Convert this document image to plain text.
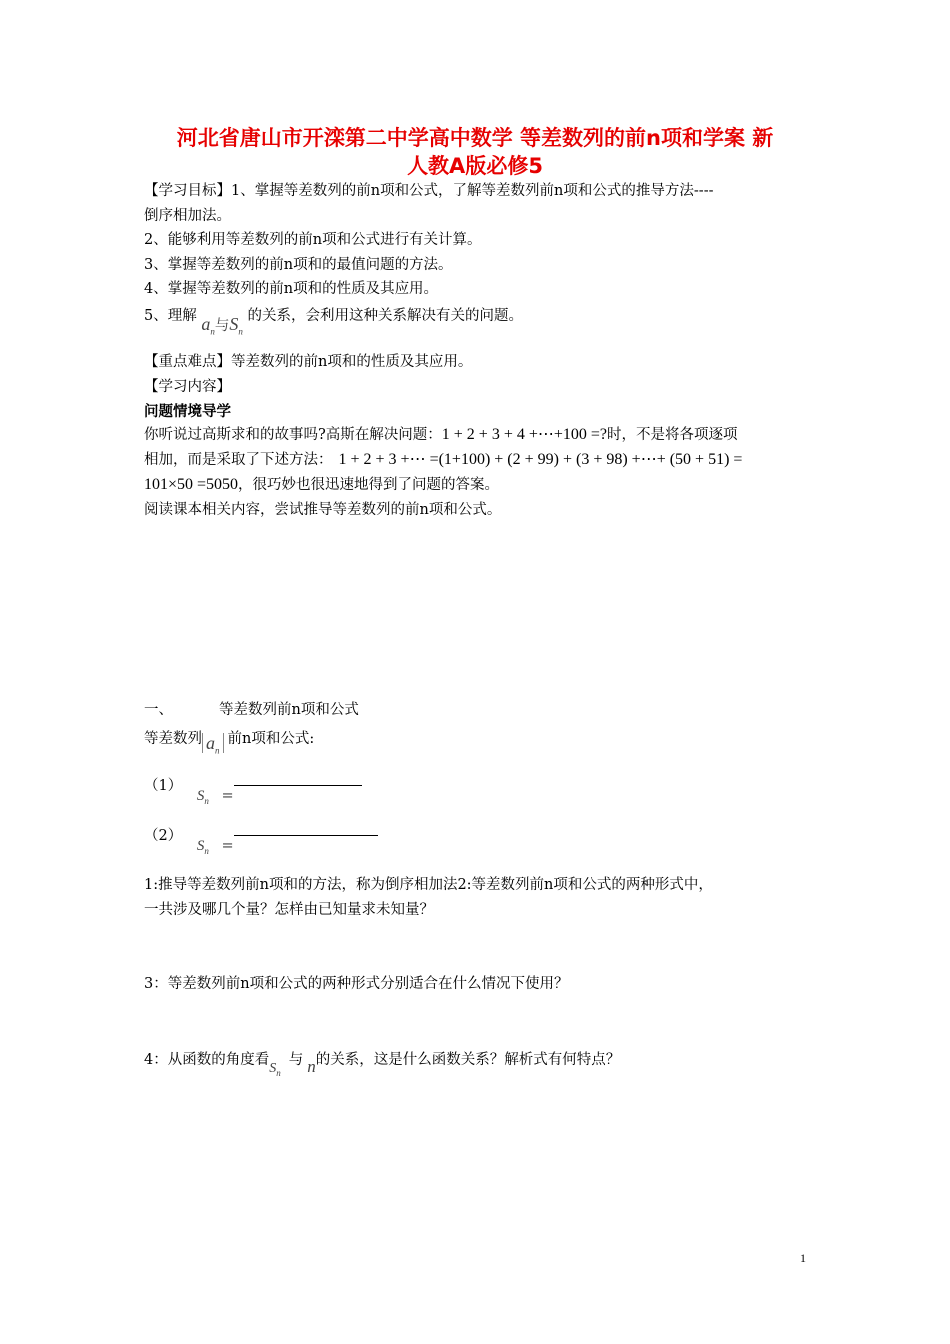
河北省唐山市开滦第二中学高中数学 等差数列的前n项和学案 新
人教A版必修5
【学习目标】1、掌握等差数列的前n项和公式，了解等差数列前n项和公式的推导方法----
倒序相加法。
2、能够利用等差数列的前n项和公式进行有关计算。
3、掌握等差数列的前n项和的最值问题的方法。
4、掌握等差数列的前n项和的性质及其应用。
5、理解 $a_n$与$S_n$ 的关系，会利用这种关系解决有关的问题。
【重点难点】等差数列的前n项和的性质及其应用。
【学习内容】
问题情境导学
你听说过高斯求和的故事吗?高斯在解决问题：1 + 2 + 3 + 4 +⋯+100 =?时，不是将各项逐项
相加，而是采取了下述方法： 1 + 2 + 3 +⋯ =(1+100) + (2 + 99) + (3 + 98) +⋯+ (50 + 51) =
101×50 =5050，很巧妙也很迅速地得到了问题的答案。
阅读课本相关内容，尝试推导等差数列的前n项和公式。
一、	等差数列前n项和公式
等差数列 $a_n$前n项和公式:
（1） $S_n$ =
（2） $S_n$ =
1:推导等差数列前n项和的方法，称为倒序相加法2:等差数列前n项和公式的两种形式中，
一共涉及哪几个量？怎样由已知量求未知量？
3：等差数列前n项和公式的两种形式分别适合在什么情况下使用？
4：从函数的角度看$S_n$与 n的关系，这是什么函数关系？解析式有何特点？
1
